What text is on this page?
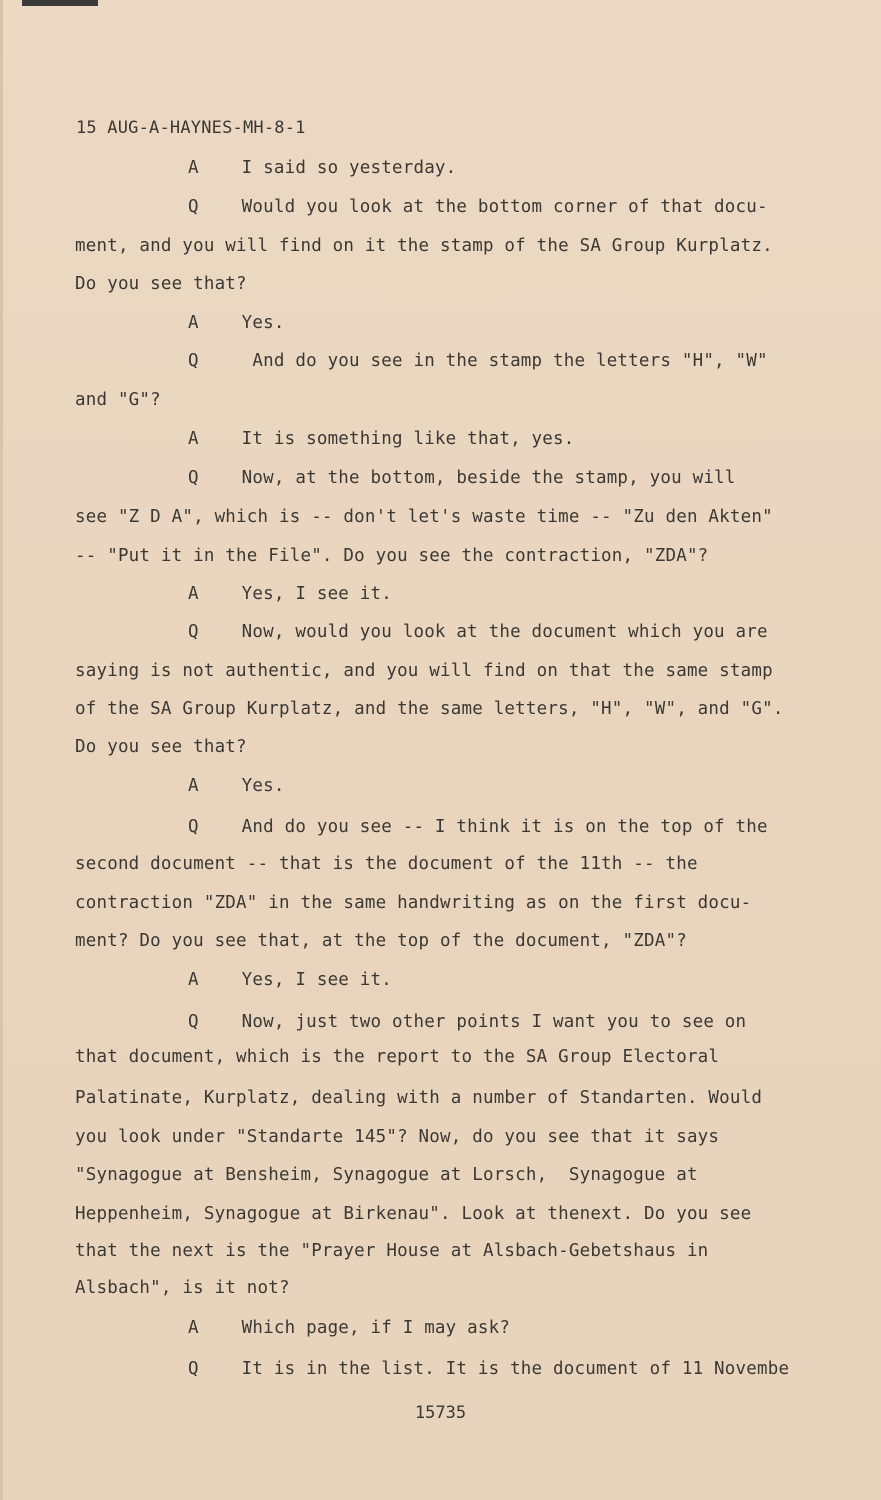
15 AUG-A-HAYNES-MH-8-1
A    I said so yesterday.
Q    Would you look at the bottom corner of that docu-
ment, and you will find on it the stamp of the SA Group Kurplatz.
Do you see that?
A    Yes.
Q     And do you see in the stamp the letters "H", "W"
and "G"?
A    It is something like that, yes.
Q    Now, at the bottom, beside the stamp, you will
see "Z D A", which is -- don't let's waste time -- "Zu den Akten"
-- "Put it in the File". Do you see the contraction, "ZDA"?
A    Yes, I see it.
Q    Now, would you look at the document which you are
saying is not authentic, and you will find on that the same stamp
of the SA Group Kurplatz, and the same letters, "H", "W", and "G".
Do you see that?
A    Yes.
Q    And do you see -- I think it is on the top of the
second document -- that is the document of the 11th -- the
contraction "ZDA" in the same handwriting as on the first docu-
ment? Do you see that, at the top of the document, "ZDA"?
A    Yes, I see it.
Q    Now, just two other points I want you to see on
that document, which is the report to the SA Group Electoral
Palatinate, Kurplatz, dealing with a number of Standarten. Would
you look under "Standarte 145"? Now, do you see that it says
"Synagogue at Bensheim, Synagogue at Lorsch,  Synagogue at
Heppenheim, Synagogue at Birkenau". Look at thenext. Do you see
that the next is the "Prayer House at Alsbach-Gebetshaus in
Alsbach", is it not?
A    Which page, if I may ask?
Q    It is in the list. It is the document of 11 Novembe
15735
